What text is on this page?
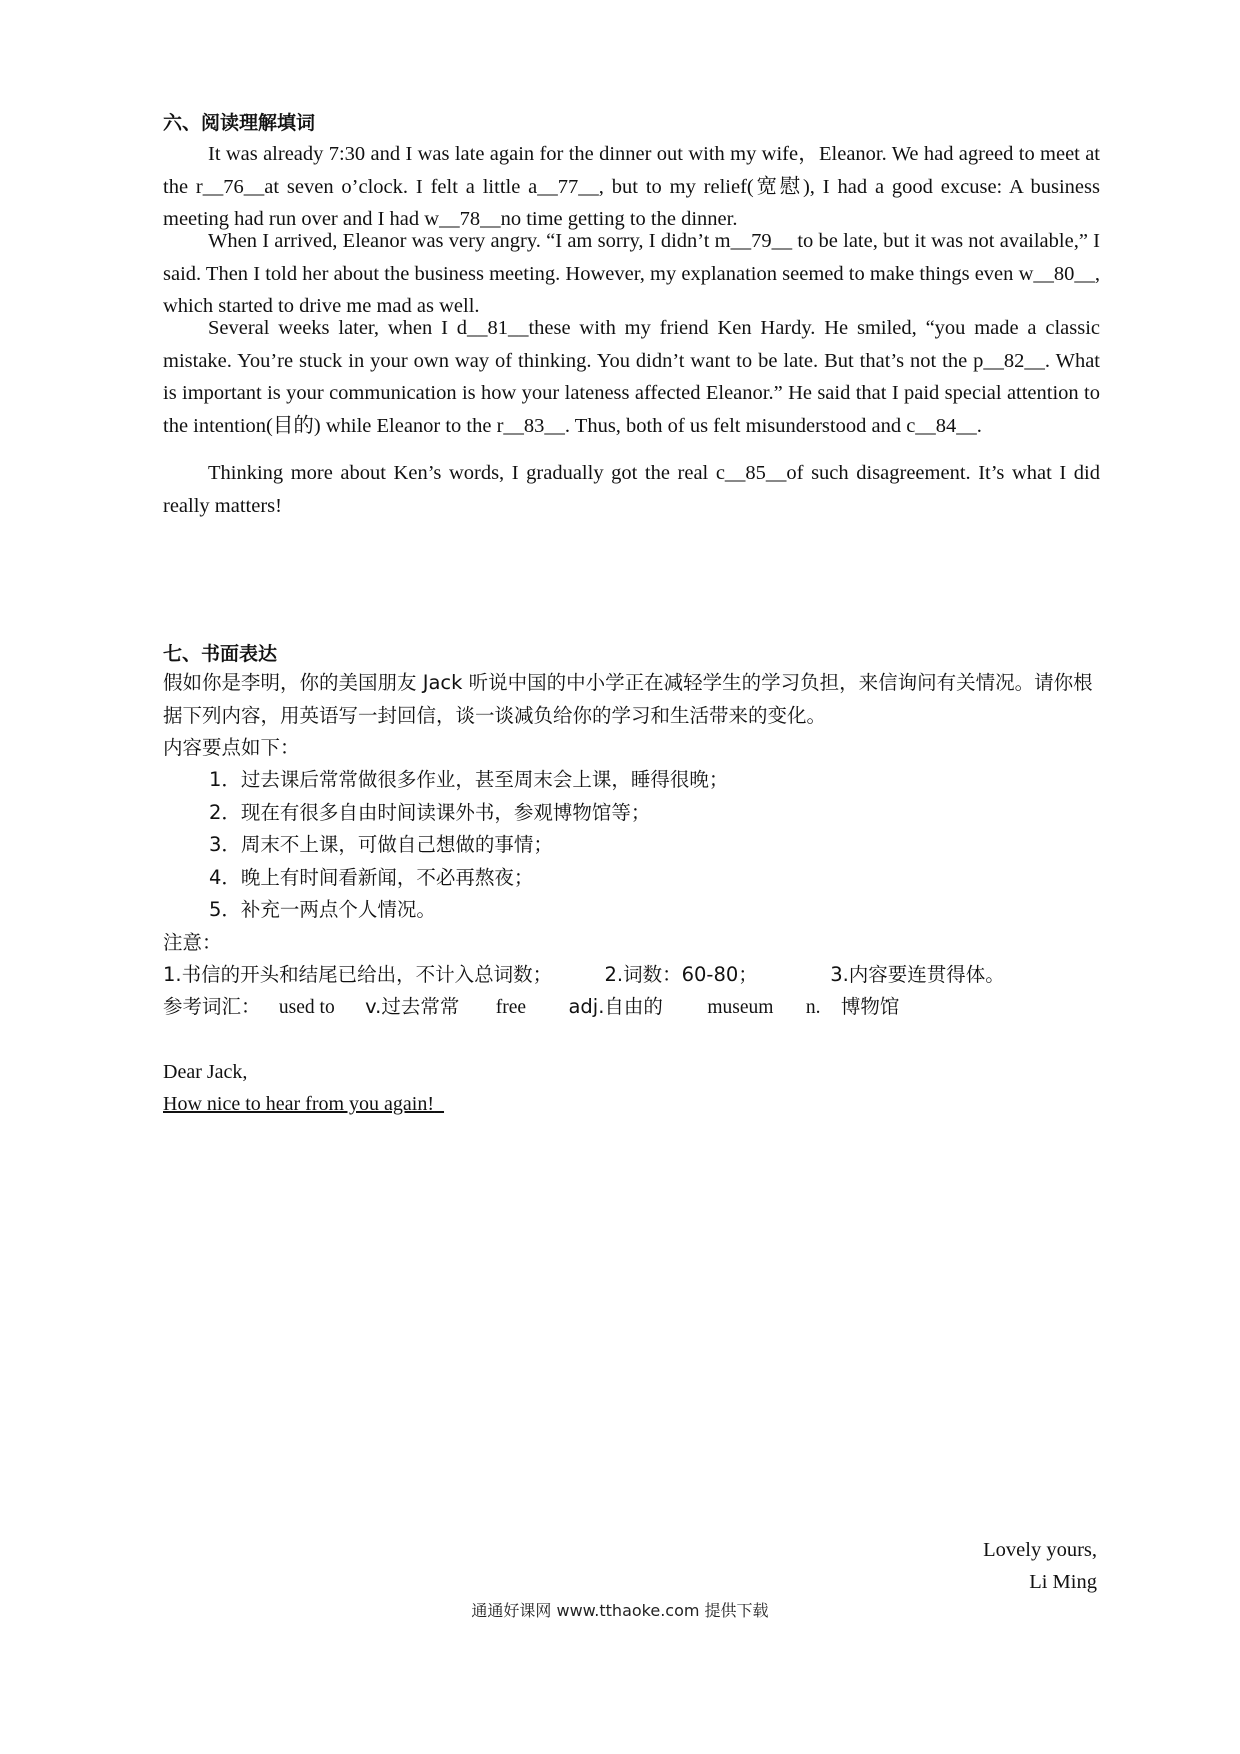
六、阅读理解填词

It was already 7:30 and I was late again for the dinner out with my wife，Eleanor. We had agreed to meet at the r__76__at seven o’clock. I felt a little a__77__, but to my relief(宽慰), I had a good excuse: A business meeting had run over and I had w__78__no time getting to the dinner.

When I arrived, Eleanor was very angry. “I am sorry, I didn’t m__79__ to be late, but it was not available,” I said. Then I told her about the business meeting. However, my explanation seemed to make things even w__80__, which started to drive me mad as well.

Several weeks later, when I d__81__these with my friend Ken Hardy. He smiled, “you made a classic mistake. You’re stuck in your own way of thinking. You didn’t want to be late. But that’s not the p__82__. What is important is your communication is how your lateness affected Eleanor.” He said that I paid special attention to the intention(目的) while Eleanor to the r__83__. Thus, both of us felt misunderstood and c__84__.

Thinking more about Ken’s words, I gradually got the real c__85__of such disagreement. It’s what I did really matters!

七、书面表达

假如你是李明，你的美国朋友 Jack 听说中国的中小学正在减轻学生的学习负担，来信询问有关情况。请你根据下列内容，用英语写一封回信，谈一谈减负给你的学习和生活带来的变化。

内容要点如下：
1．过去课后常常做很多作业，甚至周末会上课，睡得很晚；
2．现在有很多自由时间读课外书，参观博物馆等；
3．周末不上课，可做自己想做的事情；
4．晚上有时间看新闻，不必再熬夜；
5．补充一两点个人情况。
注意：
1.书信的开头和结尾已给出，不计入总词数；	2.词数：60-80；	3.内容要连贯得体。
参考词汇： used to v.过去常常 free adj.自由的 museum n. 博物馆
Dear Jack,
How nice to hear from you again!
Lovely yours,
Li Ming
通通好课网 www.tthaoke.com 提供下载
